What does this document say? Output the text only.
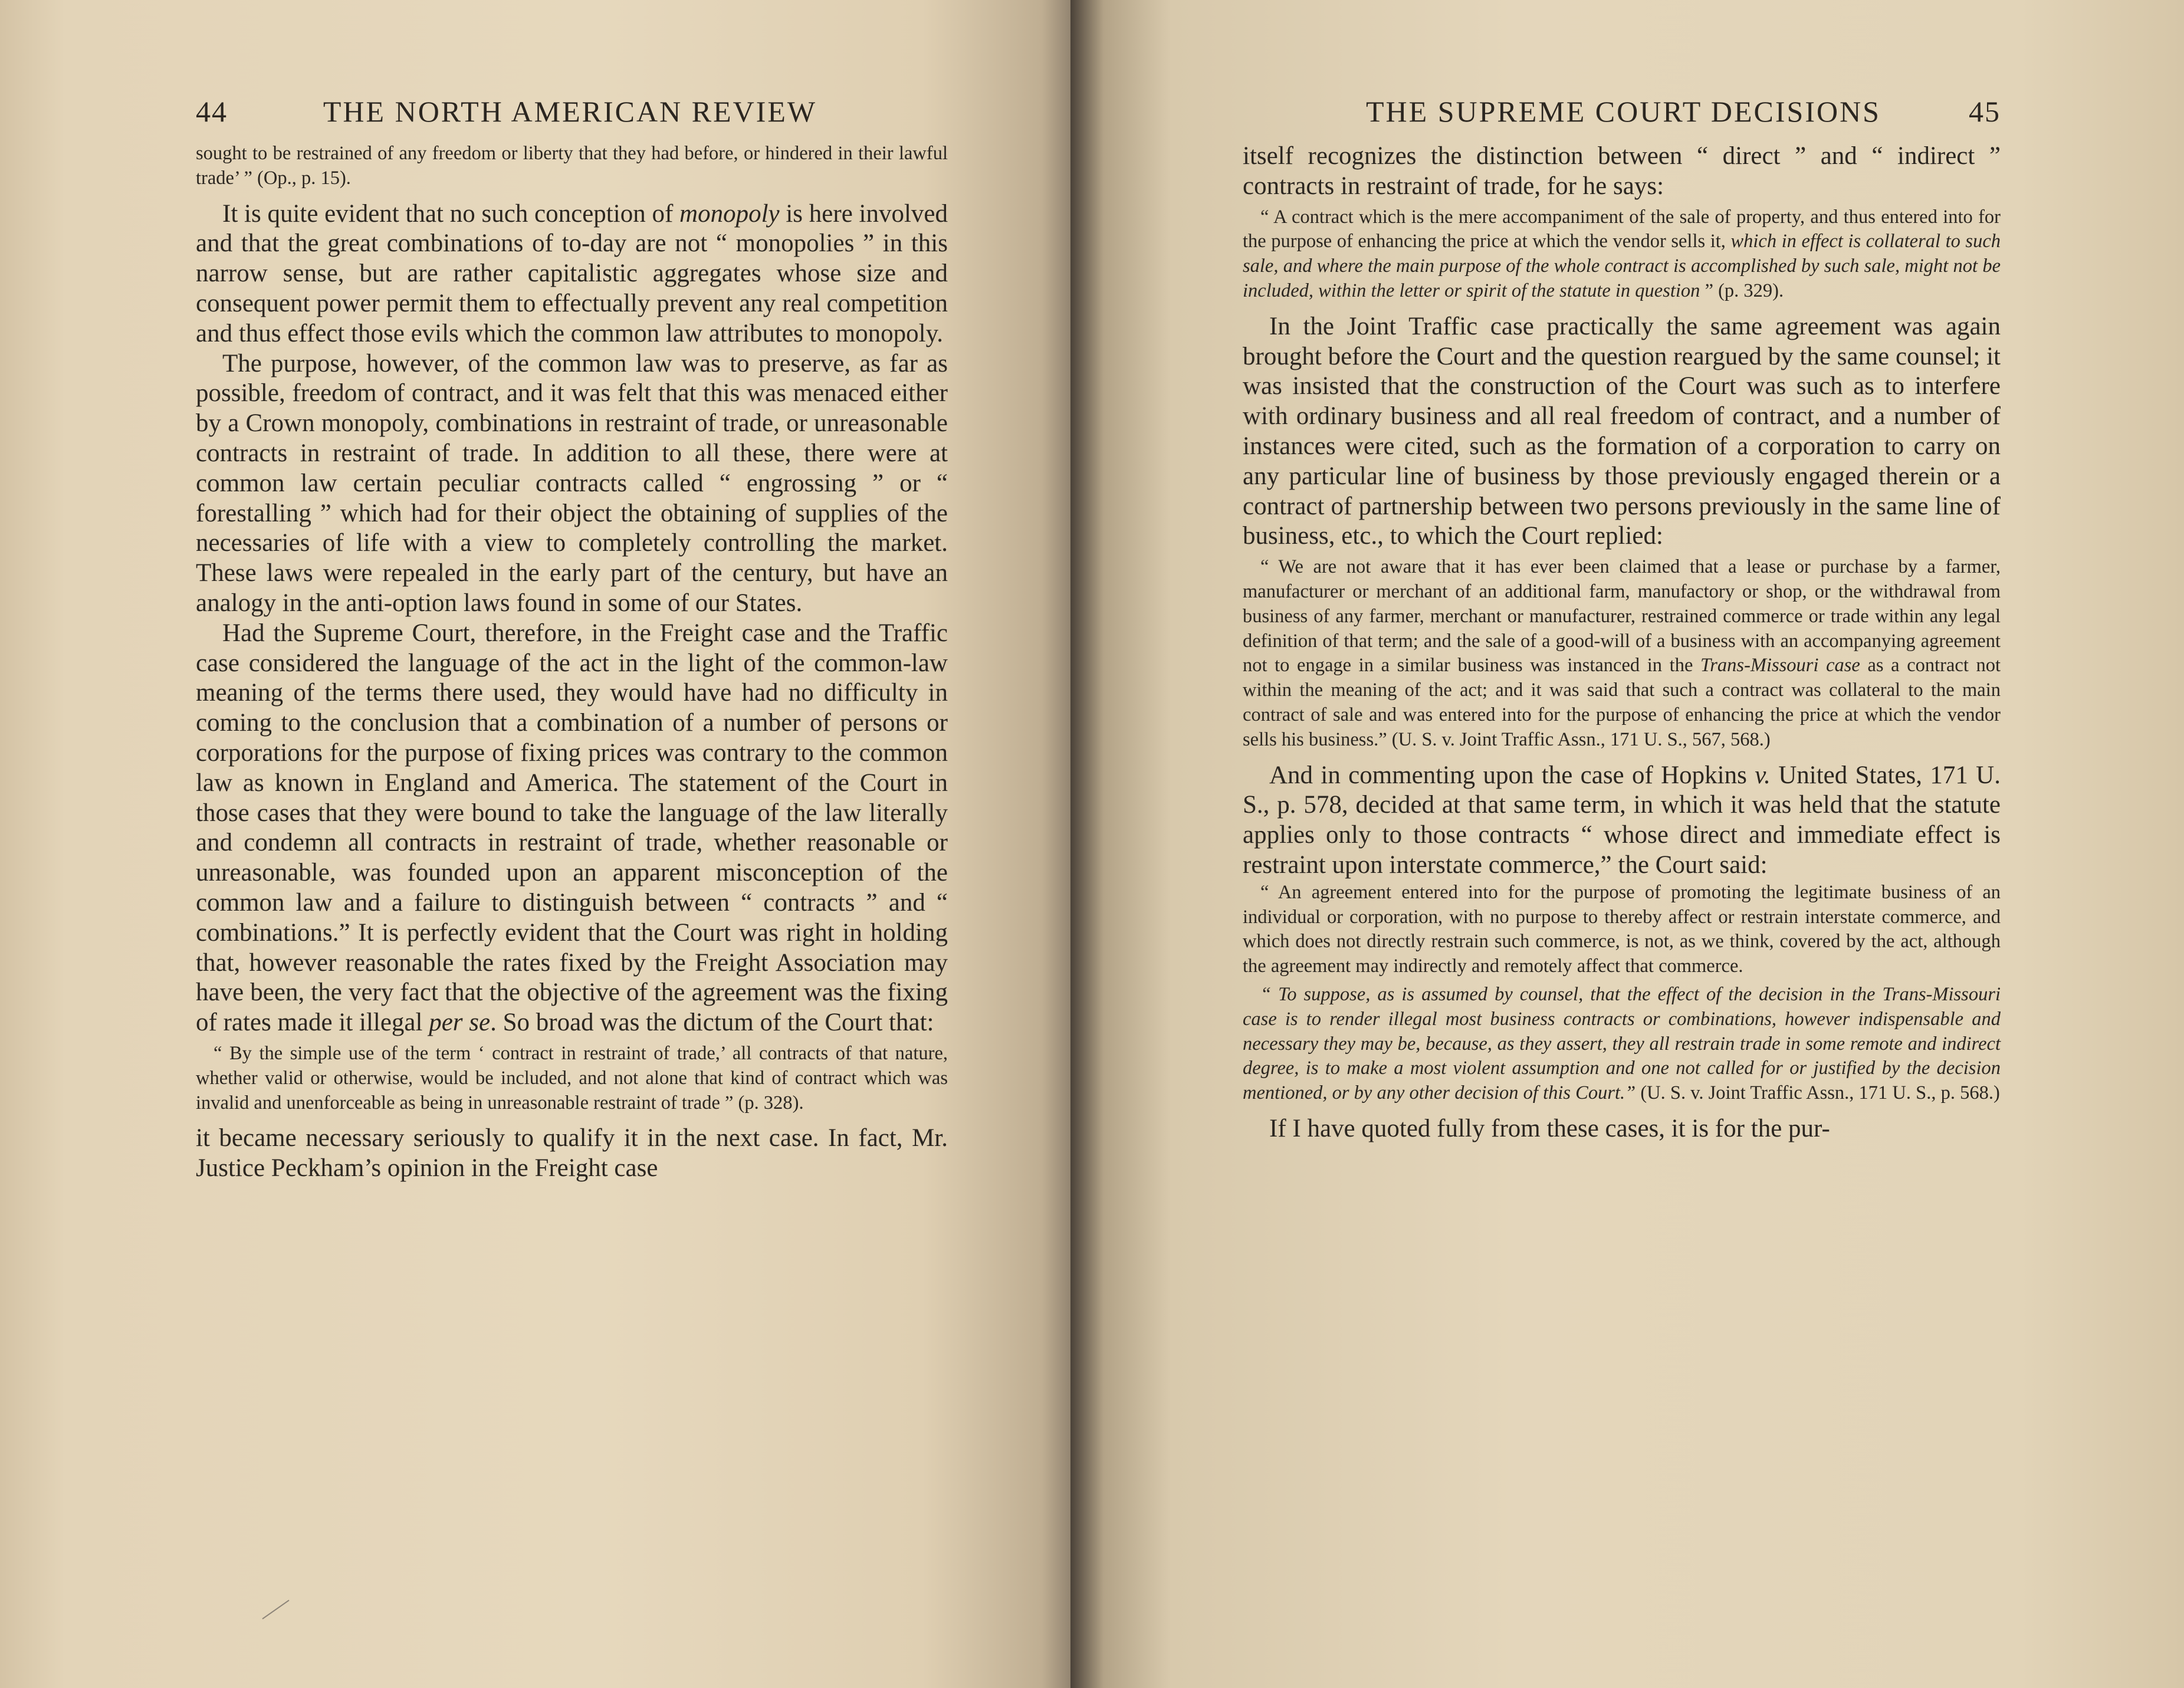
44	THE NORTH AMERICAN REVIEW

sought to be restrained of any freedom or liberty that they had before, or hindered in their lawful trade’ ” (Op., p. 15).

It is quite evident that no such conception of monopoly is here involved and that the great combinations of to-day are not “ monopolies ” in this narrow sense, but are rather capitalistic aggregates whose size and consequent power permit them to effectually prevent any real competition and thus effect those evils which the common law attributes to monopoly.

The purpose, however, of the common law was to preserve, as far as possible, freedom of contract, and it was felt that this was menaced either by a Crown monopoly, combinations in restraint of trade, or unreasonable contracts in restraint of trade. In addition to all these, there were at common law certain peculiar contracts called “ engrossing ” or “ forestalling ” which had for their object the obtaining of supplies of the necessaries of life with a view to completely controlling the market. These laws were repealed in the early part of the century, but have an analogy in the anti-option laws found in some of our States.

Had the Supreme Court, therefore, in the Freight case and the Traffic case considered the language of the act in the light of the common-law meaning of the terms there used, they would have had no difficulty in coming to the conclusion that a combination of a number of persons or corporations for the purpose of fixing prices was contrary to the common law as known in England and America. The statement of the Court in those cases that they were bound to take the language of the law literally and condemn all contracts in restraint of trade, whether reasonable or unreasonable, was founded upon an apparent misconception of the common law and a failure to distinguish between “ contracts ” and “ combinations.” It is perfectly evident that the Court was right in holding that, however reasonable the rates fixed by the Freight Association may have been, the very fact that the objective of the agreement was the fixing of rates made it illegal per se. So broad was the dictum of the Court that:

“ By the simple use of the term ‘ contract in restraint of trade,’ all contracts of that nature, whether valid or otherwise, would be included, and not alone that kind of contract which was invalid and unenforceable as being in unreasonable restraint of trade ” (p. 328).

it became necessary seriously to qualify it in the next case. In fact, Mr. Justice Peckham’s opinion in the Freight case

THE SUPREME COURT DECISIONS	45

itself recognizes the distinction between “ direct ” and “ indirect ” contracts in restraint of trade, for he says:

“ A contract which is the mere accompaniment of the sale of property, and thus entered into for the purpose of enhancing the price at which the vendor sells it, which in effect is collateral to such sale, and where the main purpose of the whole contract is accomplished by such sale, might not be included, within the letter or spirit of the statute in question ” (p. 329).

In the Joint Traffic case practically the same agreement was again brought before the Court and the question reargued by the same counsel; it was insisted that the construction of the Court was such as to interfere with ordinary business and all real freedom of contract, and a number of instances were cited, such as the formation of a corporation to carry on any particular line of business by those previously engaged therein or a contract of partnership between two persons previously in the same line of business, etc., to which the Court replied:

“ We are not aware that it has ever been claimed that a lease or purchase by a farmer, manufacturer or merchant of an additional farm, manufactory or shop, or the withdrawal from business of any farmer, merchant or manufacturer, restrained commerce or trade within any legal definition of that term; and the sale of a good-will of a business with an accompanying agreement not to engage in a similar business was instanced in the Trans-Missouri case as a contract not within the meaning of the act; and it was said that such a contract was collateral to the main contract of sale and was entered into for the purpose of enhancing the price at which the vendor sells his business.” (U. S. v. Joint Traffic Assn., 171 U. S., 567, 568.)

And in commenting upon the case of Hopkins v. United States, 171 U. S., p. 578, decided at that same term, in which it was held that the statute applies only to those contracts “ whose direct and immediate effect is restraint upon interstate commerce,” the Court said:

“ An agreement entered into for the purpose of promoting the legitimate business of an individual or corporation, with no purpose to thereby affect or restrain interstate commerce, and which does not directly restrain such commerce, is not, as we think, covered by the act, although the agreement may indirectly and remotely affect that commerce.

“ To suppose, as is assumed by counsel, that the effect of the decision in the Trans-Missouri case is to render illegal most business contracts or combinations, however indispensable and necessary they may be, because, as they assert, they all restrain trade in some remote and indirect degree, is to make a most violent assumption and one not called for or justified by the decision mentioned, or by any other decision of this Court.” (U. S. v. Joint Traffic Assn., 171 U. S., p. 568.)

If I have quoted fully from these cases, it is for the pur-
